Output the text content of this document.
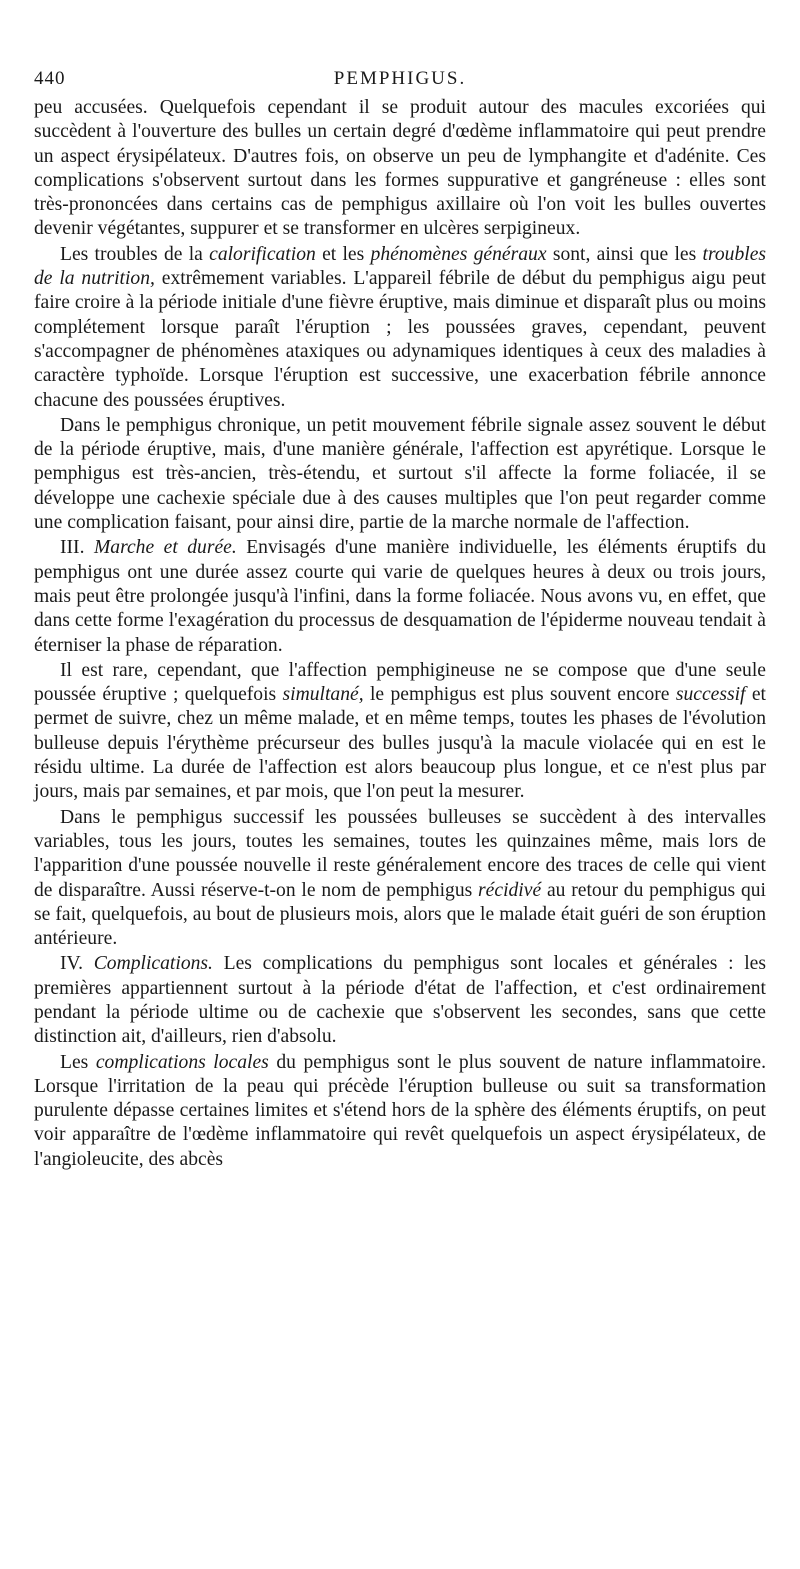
440	PEMPHIGUS.

peu accusées. Quelquefois cependant il se produit autour des macules excoriées qui succèdent à l'ouverture des bulles un certain degré d'œdème inflammatoire qui peut prendre un aspect érysipélateux. D'autres fois, on observe un peu de lymphangite et d'adénite. Ces complications s'observent surtout dans les formes suppurative et gangréneuse : elles sont très-prononcées dans certains cas de pemphigus axillaire où l'on voit les bulles ouvertes devenir végétantes, suppurer et se transformer en ulcères serpigineux.

Les troubles de la calorification et les phénomènes généraux sont, ainsi que les troubles de la nutrition, extrêmement variables. L'appareil fébrile de début du pemphigus aigu peut faire croire à la période initiale d'une fièvre éruptive, mais diminue et disparaît plus ou moins complétement lorsque paraît l'éruption ; les poussées graves, cependant, peuvent s'accompagner de phénomènes ataxiques ou adynamiques identiques à ceux des maladies à caractère typhoïde. Lorsque l'éruption est successive, une exacerbation fébrile annonce chacune des poussées éruptives.

Dans le pemphigus chronique, un petit mouvement fébrile signale assez souvent le début de la période éruptive, mais, d'une manière générale, l'affection est apyrétique. Lorsque le pemphigus est très-ancien, très-étendu, et surtout s'il affecte la forme foliacée, il se développe une cachexie spéciale due à des causes multiples que l'on peut regarder comme une complication faisant, pour ainsi dire, partie de la marche normale de l'affection.

III. Marche et durée. Envisagés d'une manière individuelle, les éléments éruptifs du pemphigus ont une durée assez courte qui varie de quelques heures à deux ou trois jours, mais peut être prolongée jusqu'à l'infini, dans la forme foliacée. Nous avons vu, en effet, que dans cette forme l'exagération du processus de desquamation de l'épiderme nouveau tendait à éterniser la phase de réparation.

Il est rare, cependant, que l'affection pemphigineuse ne se compose que d'une seule poussée éruptive ; quelquefois simultané, le pemphigus est plus souvent encore successif et permet de suivre, chez un même malade, et en même temps, toutes les phases de l'évolution bulleuse depuis l'érythème précurseur des bulles jusqu'à la macule violacée qui en est le résidu ultime. La durée de l'affection est alors beaucoup plus longue, et ce n'est plus par jours, mais par semaines, et par mois, que l'on peut la mesurer.

Dans le pemphigus successif les poussées bulleuses se succèdent à des intervalles variables, tous les jours, toutes les semaines, toutes les quinzaines même, mais lors de l'apparition d'une poussée nouvelle il reste généralement encore des traces de celle qui vient de disparaître. Aussi réserve-t-on le nom de pemphigus récidivé au retour du pemphigus qui se fait, quelquefois, au bout de plusieurs mois, alors que le malade était guéri de son éruption antérieure.

IV. Complications. Les complications du pemphigus sont locales et générales : les premières appartiennent surtout à la période d'état de l'affection, et c'est ordinairement pendant la période ultime ou de cachexie que s'observent les secondes, sans que cette distinction ait, d'ailleurs, rien d'absolu.

Les complications locales du pemphigus sont le plus souvent de nature inflammatoire. Lorsque l'irritation de la peau qui précède l'éruption bulleuse ou suit sa transformation purulente dépasse certaines limites et s'étend hors de la sphère des éléments éruptifs, on peut voir apparaître de l'œdème inflammatoire qui revêt quelquefois un aspect érysipélateux, de l'angioleucite, des abcès
